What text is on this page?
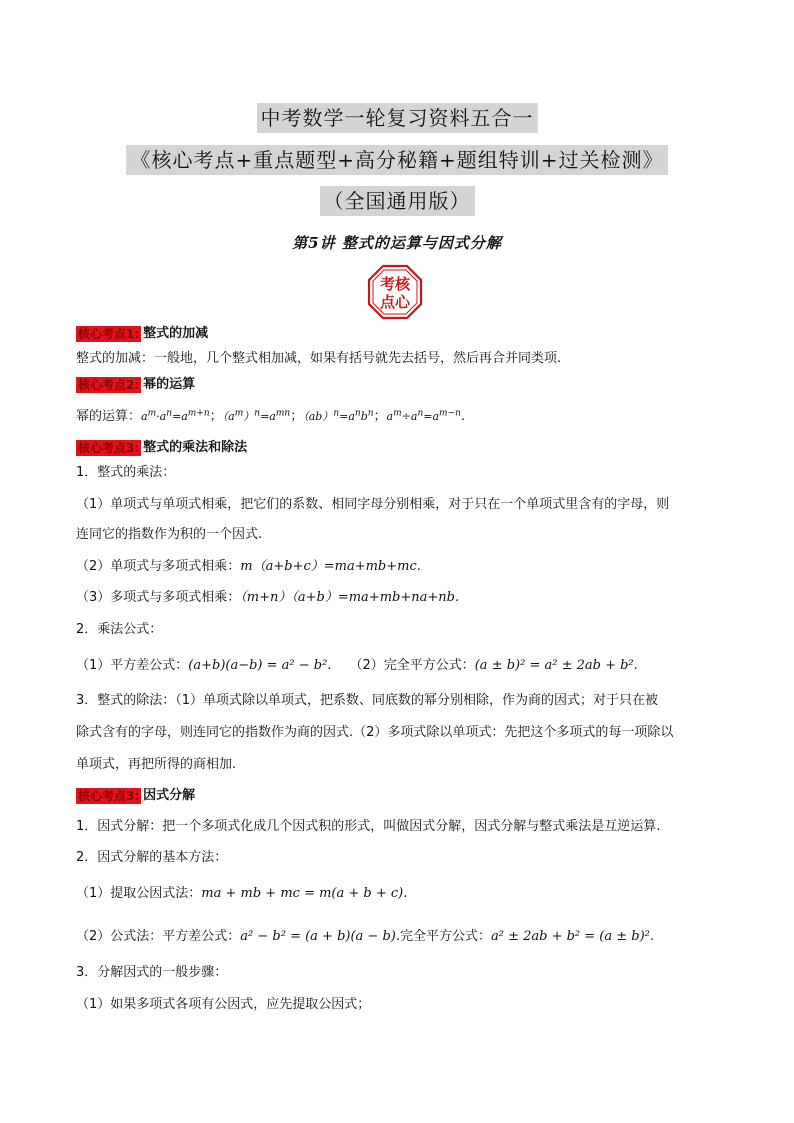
中考数学一轮复习资料五合一
《核心考点+重点题型+高分秘籍+题组特训+过关检测》
（全国通用版）
第5讲 整式的运算与因式分解
考核
点心
核心考点1: 整式的加减
整式的加减：一般地，几个整式相加减，如果有括号就先去括号，然后再合并同类项.
核心考点2: 幂的运算
幂的运算：$a^m\cdot a^n=a^{m+n}$；$(a^m)^n=a^{mn}$；$(ab)^n=a^nb^n$；$a^m\div a^n=a^{m-n}$.
核心考点3: 整式的乘法和除法
1．整式的乘法：
（1）单项式与单项式相乘，把它们的系数、相同字母分别相乘，对于只在一个单项式里含有的字母，则
连同它的指数作为积的一个因式.
（2）单项式与多项式相乘：m（a+b+c）=ma+mb+mc.
（3）多项式与多项式相乘：（m+n）（a+b）=ma+mb+na+nb.
2．乘法公式：
（1）平方差公式：(a+b)(a−b) = a² − b². （2）完全平方公式：(a ± b)² = a² ± 2ab + b².
3．整式的除法：（1）单项式除以单项式，把系数、同底数的幂分别相除，作为商的因式；对于只在被
除式含有的字母，则连同它的指数作为商的因式.（2）多项式除以单项式：先把这个多项式的每一项除以
单项式，再把所得的商相加.
核心考点3: 因式分解
1．因式分解：把一个多项式化成几个因式积的形式，叫做因式分解，因式分解与整式乘法是互逆运算.
2．因式分解的基本方法：
（1）提取公因式法：ma + mb + mc = m(a + b + c).
（2）公式法：平方差公式：a² − b² = (a + b)(a − b).完全平方公式：a² ± 2ab + b² = (a ± b)².
3．分解因式的一般步骤：
（1）如果多项式各项有公因式，应先提取公因式；
